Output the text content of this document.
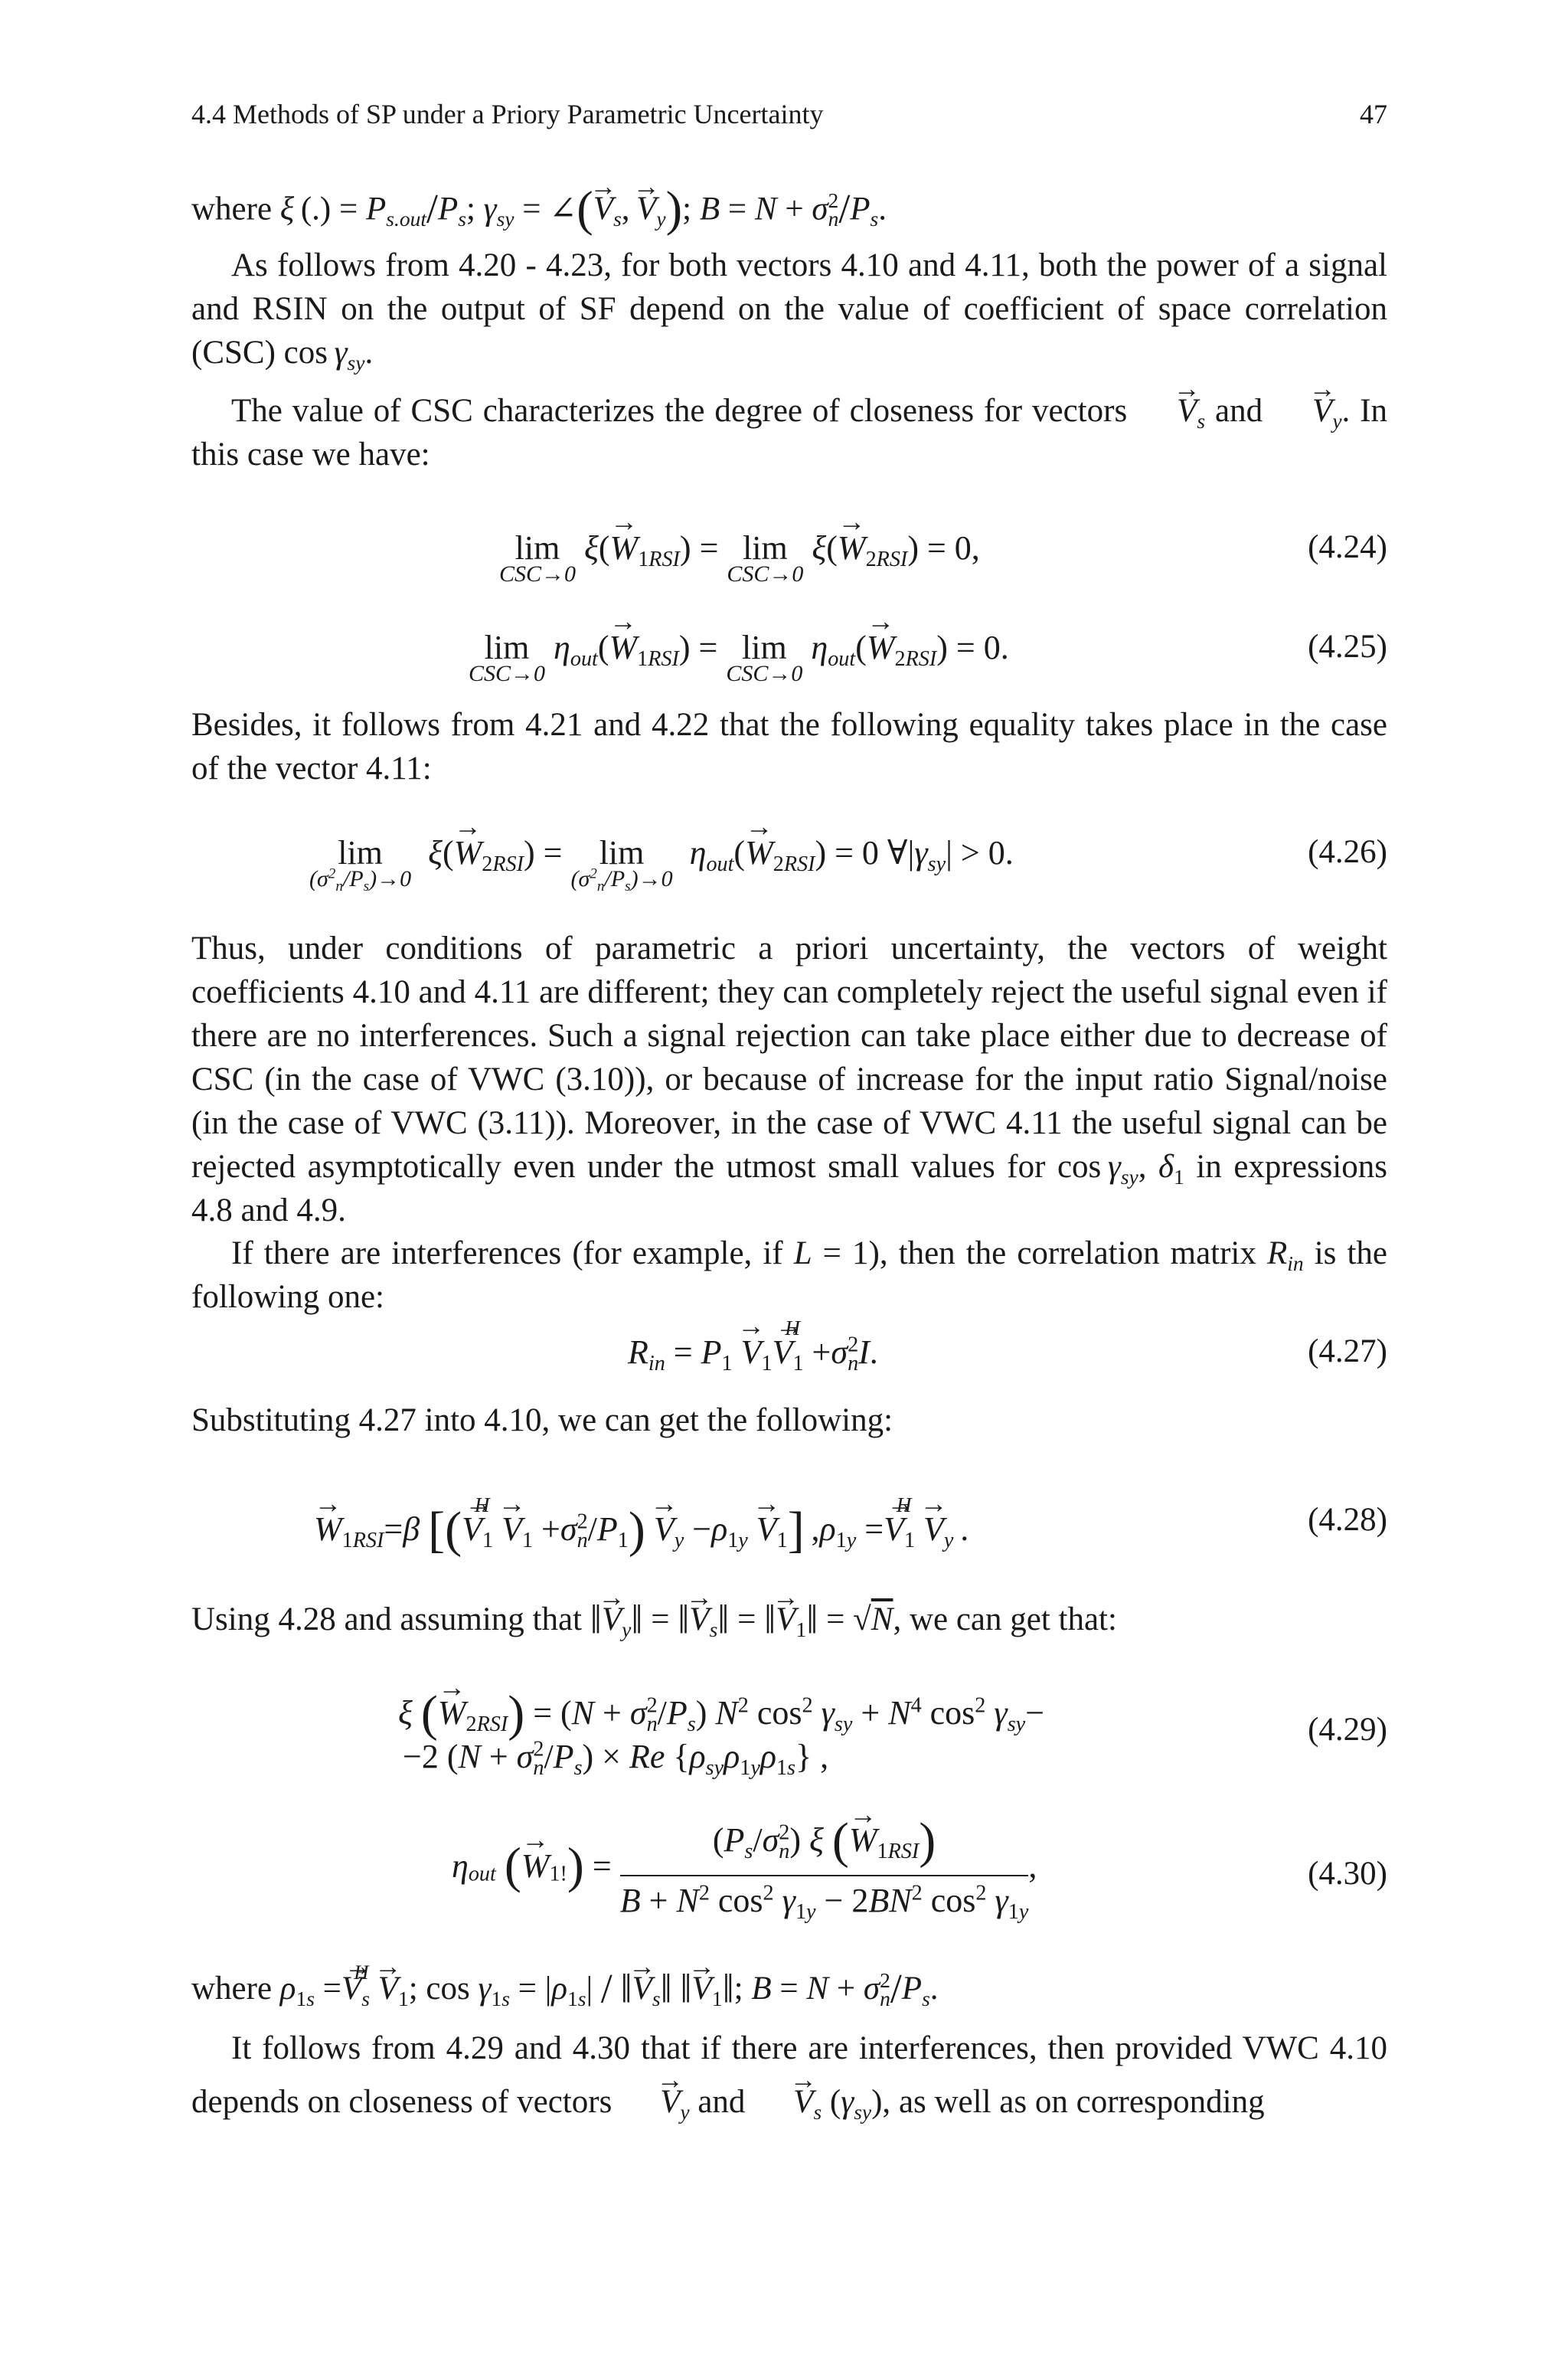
4.4 Methods of SP under a Priory Parametric Uncertainty	47
where ξ (.) = $P_{s.out}/P_s$; $\gamma_{sy}$ = ∠(→ $V_s$, → $V_y$); $B = N + \sigma^2_n/P_s$.
As follows from 4.20 - 4.23, for both vectors 4.10 and 4.11, both the power of a signal and RSIN on the output of SF depend on the value of coefficient of space correlation (CSC) $\cos \gamma_{sy}$.
The value of CSC characterizes the degree of closeness for vectors → $V_s$ and → $V_y$. In this case we have:
lim
CSC→0
$\xi(\to W_{1RSI}) = \lim$
CSC→0
$\xi(\to W_{2RSI}) = 0$,	(4.24)
lim
CSC→0
$\eta_{out}(\to W_{1RSI}) = \lim$
CSC→0
$\eta_{out}(\to W_{2RSI}) = 0$.	(4.25)
Besides, it follows from 4.21 and 4.22 that the following equality takes place in the case of the vector 4.11:
lim
$(\sigma^2_n/P_s)\to 0$
$\xi(\to W_{2RSI}) = \lim$
$(\sigma^2_n/P_s)\to 0$
$\eta_{out}(\to W_{2RSI}) = 0$ $\forall|\gamma_{sy}| > 0$.	(4.26)
Thus, under conditions of parametric a priori uncertainty, the vectors of weight coefficients 4.10 and 4.11 are different; they can completely reject the useful signal even if there are no interferences. Such a signal rejection can take place either due to decrease of CSC (in the case of VWC (3.10)), or because of increase for the input ratio Signal/noise (in the case of VWC (3.11)). Moreover, in the case of VWC 4.11 the useful signal can be rejected asymptotically even under the utmost small values for $\cos \gamma_{sy}$, $\delta_1$ in expressions 4.8 and 4.9.
If there are interferences (for example, if L = 1), then the correlation matrix $R_{in}$ is the following one:
$R_{in} = P_1 \to V_1\to V$
H
$_1 +\sigma^2_nI$.	(4.27)
Substituting 4.27 into 4.10, we can get the following:
→ $W_{1RSI}=\beta$ [(→ V
H
$_1 \to V_1 +\sigma^2_n/P_1) \to V_y -\rho_{1y} \to V_1$] $,\rho_{1y} =\to V$
H
$_1 \to V_y$ .	(4.28)
Using 4.28 and assuming that ‖→ $V_y‖$ = ‖→ $V_s‖$ = ‖→ $V_1‖ = √N$, we can get that:
ξ (→ $W_{2RSI}) = (N + \sigma^2_n/P_s)$ $N^2$ $\cos^2 \gamma_{sy} + N^4$ $\cos^2 \gamma_{sy}-$
−2 $(N + \sigma^2_n/P_s) \times Re$ $\{\rho_{sy}\rho_{1y}\rho_{1s}\}$ ,
(4.29)
$\eta_{out}$ (→ $W_{1!}) = \frac{(P_s/\sigma^2_n) \xi (\to W_{1RSI})}{B + N^2 \cos^2 \gamma_{1y} - 2BN^2 \cos^2 \gamma_{1y}}$ ,	(4.30)
where $\rho_{1s} =\to V$
H
$_s \to V_1$; $\cos \gamma_{1s} = |\rho_{1s}|$ / ‖→ $V_s‖$ ‖→ $V_1‖$; $B = N + \sigma^2_n/P_s$.
It follows from 4.29 and 4.30 that if there are interferences, then provided VWC 4.10 depends on closeness of vectors → $V_y$ and → $V_s$ $(\gamma_{sy})$, as well as on corresponding
